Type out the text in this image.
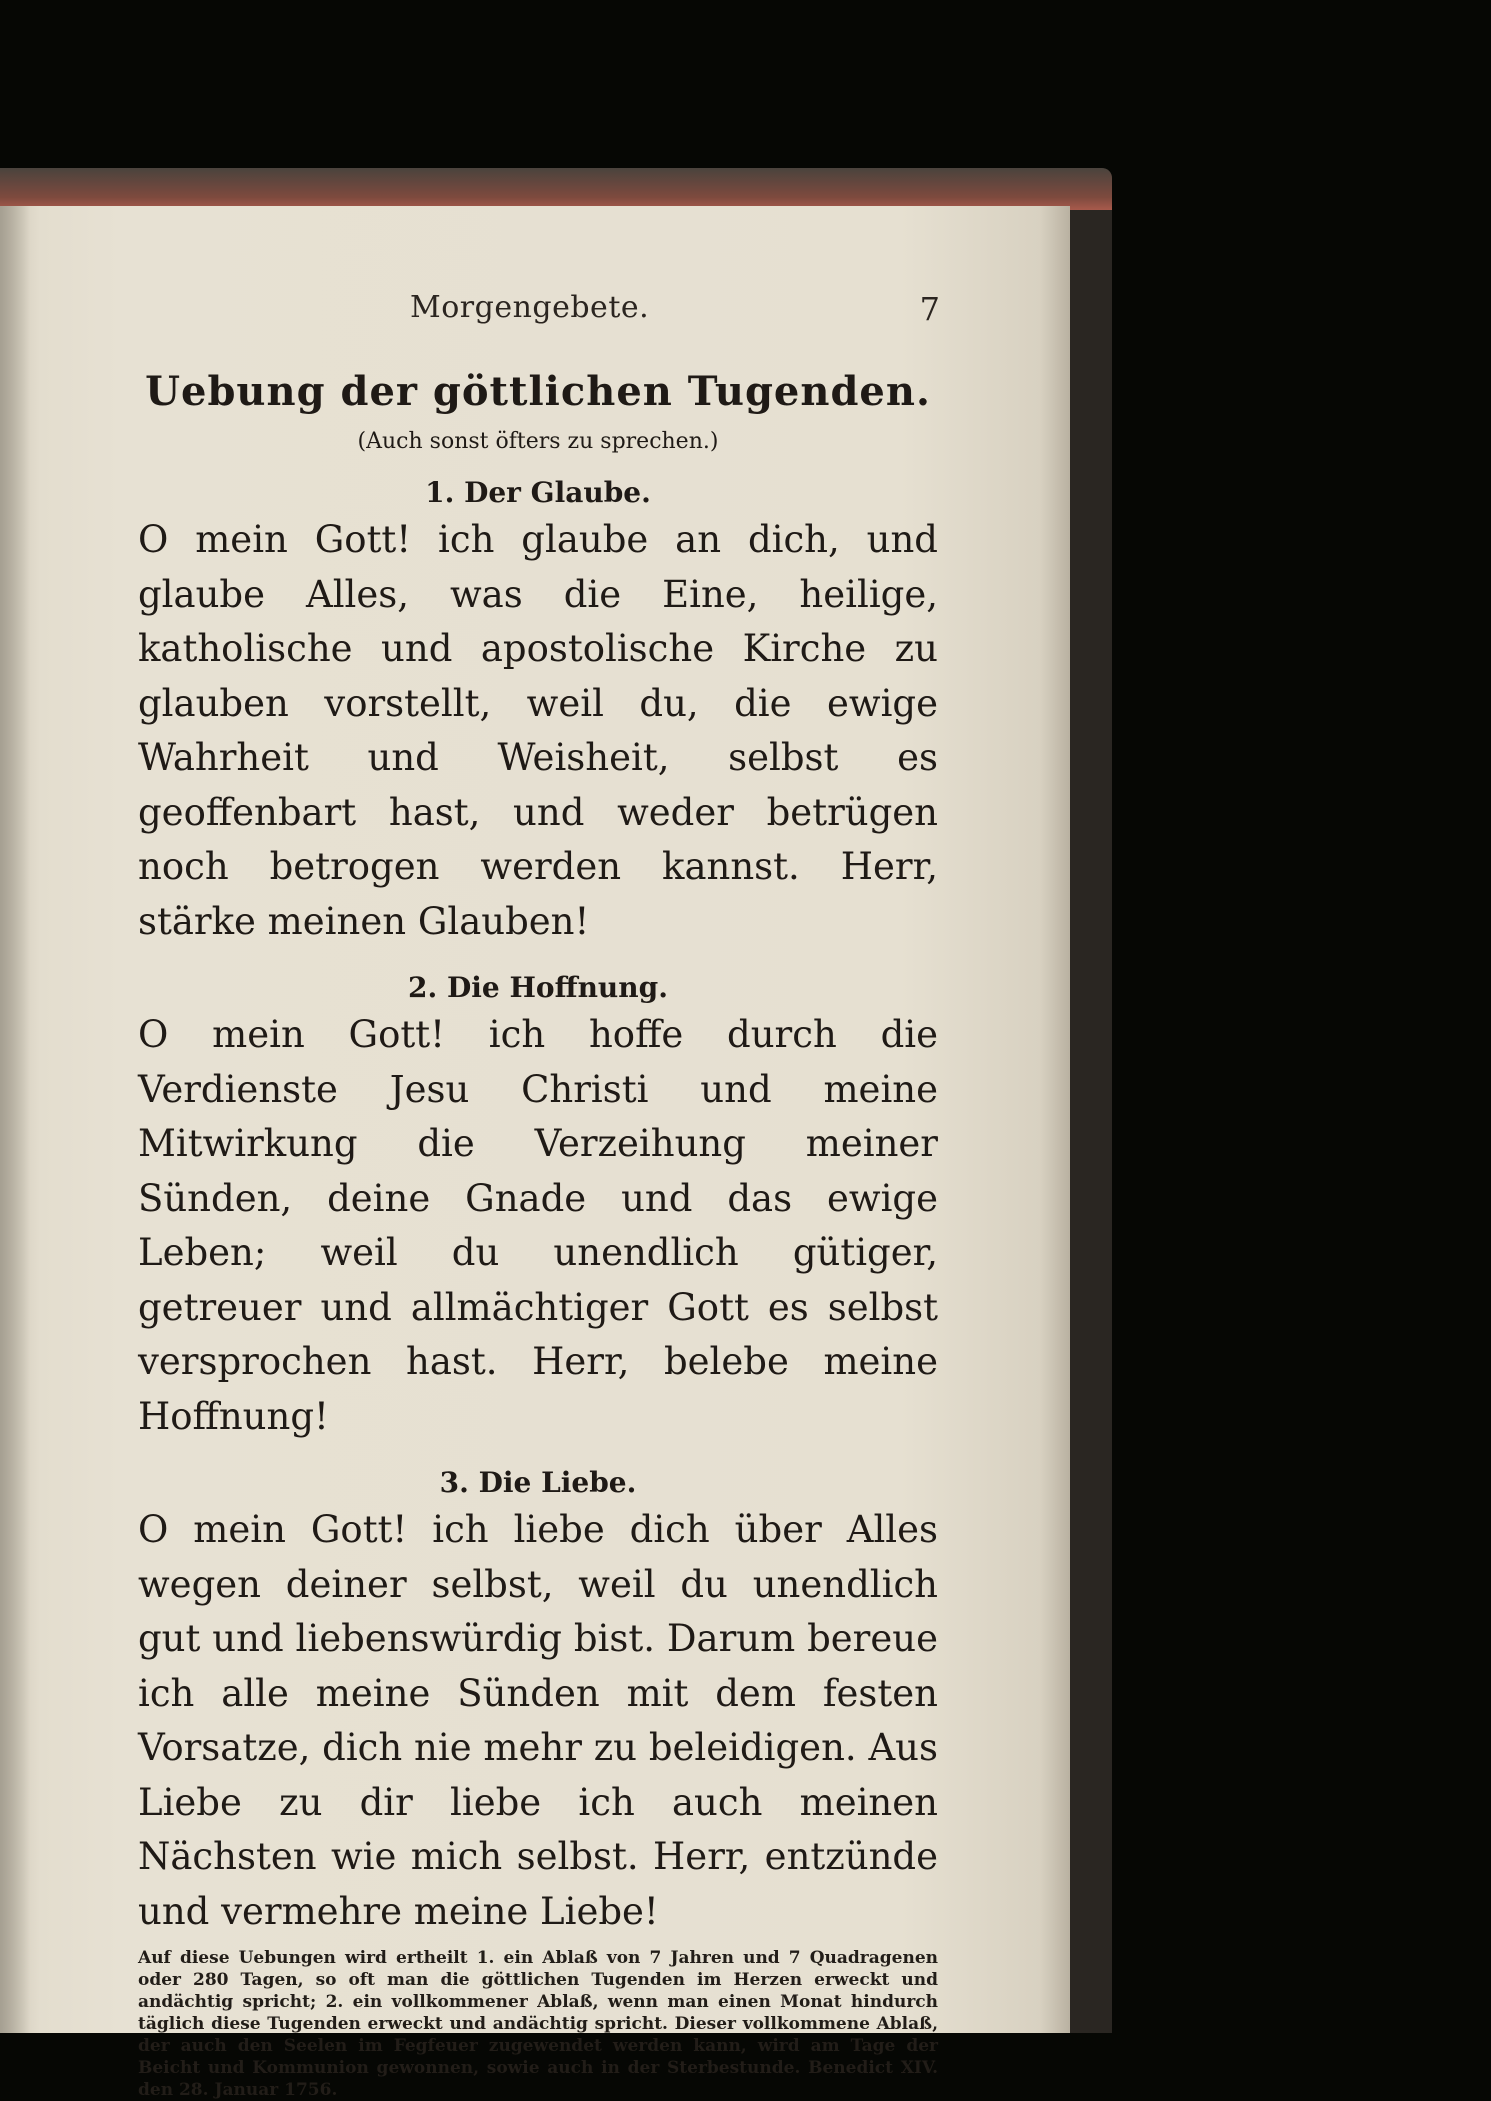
Morgengebete.	7
Uebung der göttlichen Tugenden.
(Auch sonst öfters zu sprechen.)
1. Der Glaube.
O mein Gott! ich glaube an dich, und glaube Alles, was die Eine, heilige, katholische und apostolische Kirche zu glauben vorstellt, weil du, die ewige Wahrheit und Weisheit, selbst es geoffenbart hast, und weder betrügen noch betrogen werden kannst. Herr, stärke meinen Glauben!
2. Die Hoffnung.
O mein Gott! ich hoffe durch die Verdienste Jesu Christi und meine Mitwirkung die Verzeihung meiner Sünden, deine Gnade und das ewige Leben; weil du unendlich gütiger, getreuer und allmächtiger Gott es selbst versprochen hast. Herr, belebe meine Hoffnung!
3. Die Liebe.
O mein Gott! ich liebe dich über Alles wegen deiner selbst, weil du unendlich gut und liebenswürdig bist. Darum bereue ich alle meine Sünden mit dem festen Vorsatze, dich nie mehr zu beleidigen. Aus Liebe zu dir liebe ich auch meinen Nächsten wie mich selbst. Herr, entzünde und vermehre meine Liebe!
Auf diese Uebungen wird ertheilt 1. ein Ablaß von 7 Jahren und 7 Quadragenen oder 280 Tagen, so oft man die göttlichen Tugenden im Herzen erweckt und andächtig spricht; 2. ein vollkommener Ablaß, wenn man einen Monat hindurch täglich diese Tugenden erweckt und andächtig spricht. Dieser vollkommene Ablaß, der auch den Seelen im Fegfeuer zugewendet werden kann, wird am Tage der Beicht und Kommunion gewonnen, sowie auch in der Sterbestunde. Benedict XIV. den 28. Januar 1756.
